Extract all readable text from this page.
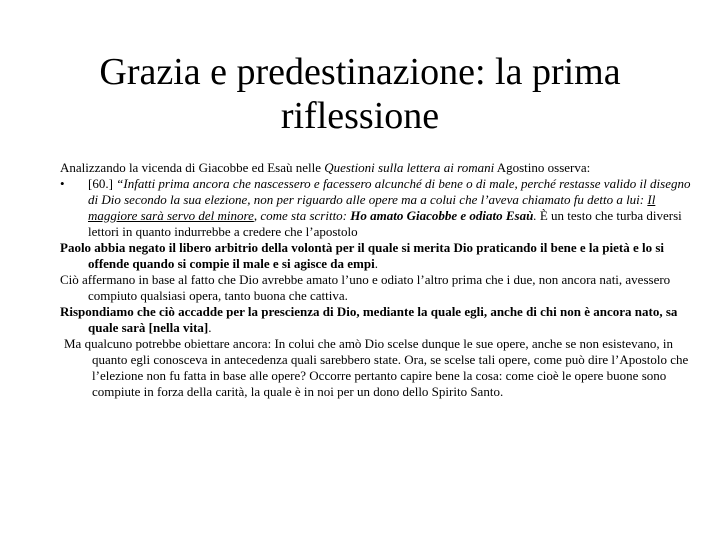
Grazia e predestinazione: la prima riflessione

Analizzando la vicenda di Giacobbe ed Esaù nelle Questioni sulla lettera ai romani Agostino osserva:

• [60.] “Infatti prima ancora che nascessero e facessero alcunché di bene o di male, perché restasse valido il disegno di Dio secondo la sua elezione, non per riguardo alle opere ma a colui che l’aveva chiamato fu detto a lui: Il maggiore sarà servo del minore, come sta scritto: Ho amato Giacobbe e odiato Esaù. È un testo che turba diversi lettori in quanto indurrebbe a credere che l’apostolo

Paolo abbia negato il libero arbitrio della volontà per il quale si merita Dio praticando il bene e la pietà e lo si offende quando si compie il male e si agisce da empi.

Ciò affermano in base al fatto che Dio avrebbe amato l’uno e odiato l’altro prima che i due, non ancora nati, avessero compiuto qualsiasi opera, tanto buona che cattiva.

Rispondiamo che ciò accadde per la prescienza di Dio, mediante la quale egli, anche di chi non è ancora nato, sa quale sarà [nella vita].

Ma qualcuno potrebbe obiettare ancora: In colui che amò Dio scelse dunque le sue opere, anche se non esistevano, in quanto egli conosceva in antecedenza quali sarebbero state. Ora, se scelse tali opere, come può dire l’Apostolo che l’elezione non fu fatta in base alle opere? Occorre pertanto capire bene la cosa: come cioè le opere buone sono compiute in forza della carità, la quale è in noi per un dono dello Spirito Santo.
